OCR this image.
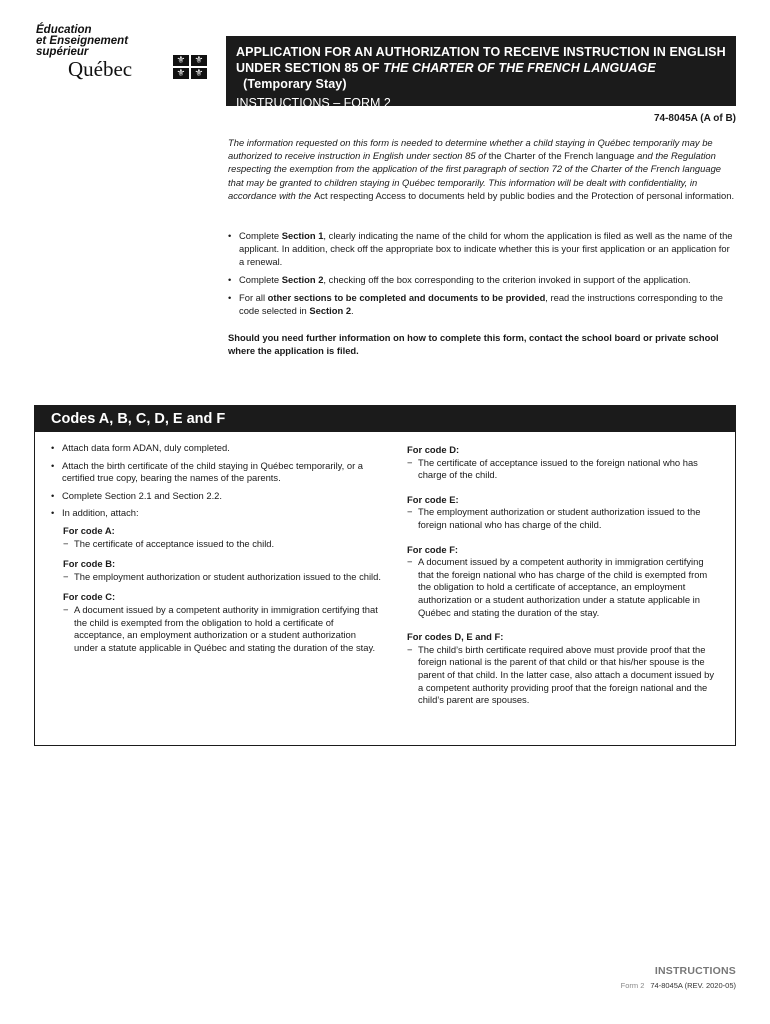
Éducation
et Enseignement
supérieur
Québec	⚜ ⚜
⚜ ⚜
APPLICATION FOR AN AUTHORIZATION TO RECEIVE INSTRUCTION IN ENGLISH
UNDER SECTION 85 OF THE CHARTER OF THE FRENCH LANGUAGE  (Temporary Stay)
INSTRUCTIONS – FORM 2
74-8045A (A of B)
The information requested on this form is needed to determine whether a child staying in Québec temporarily may be authorized to receive instruction in English under section 85 of the Charter of the French language and the Regulation respecting the exemption from the application of the first paragraph of section 72 of the Charter of the French language that may be granted to children staying in Québec temporarily. This information will be dealt with confidentiality, in accordance with the Act respecting Access to documents held by public bodies and the Protection of personal information.
• Complete Section 1, clearly indicating the name of the child for whom the application is filed as well as the name of the applicant. In addition, check off the appropriate box to indicate whether this is your first application or an application for a renewal.
• Complete Section 2, checking off the box corresponding to the criterion invoked in support of the application.
• For all other sections to be completed and documents to be provided, read the instructions corresponding to the code selected in Section 2.
Should you need further information on how to complete this form, contact the school board or private school where the application is filed.
Codes A, B, C, D, E and F
• Attach data form ADAN, duly completed.
• Attach the birth certificate of the child staying in Québec temporarily, or a certified true copy, bearing the names of the parents.
• Complete Section 2.1 and Section 2.2.
• In addition, attach:
For code A:
− The certificate of acceptance issued to the child.
For code B:
− The employment authorization or student authorization issued to the child.
For code C:
− A document issued by a competent authority in immigration certifying that the child is exempted from the obligation to hold a certificate of acceptance, an employment authorization or a student authorization under a statute applicable in Québec and stating the duration of the stay.
For code D:
− The certificate of acceptance issued to the foreign national who has charge of the child.
For code E:
− The employment authorization or student authorization issued to the foreign national who has charge of the child.
For code F:
− A document issued by a competent authority in immigration certifying that the foreign national who has charge of the child is exempted from the obligation to hold a certificate of acceptance, an employment authorization or a student authorization under a statute applicable in Québec and stating the duration of the stay.
For codes D, E and F:
− The child’s birth certificate required above must provide proof that the foreign national is the parent of that child or that his/her spouse is the parent of that child. In the latter case, also attach a document issued by a competent authority providing proof that the foreign national and the child’s parent are spouses.
INSTRUCTIONS
Form 2 74-8045A (REV. 2020-05)
